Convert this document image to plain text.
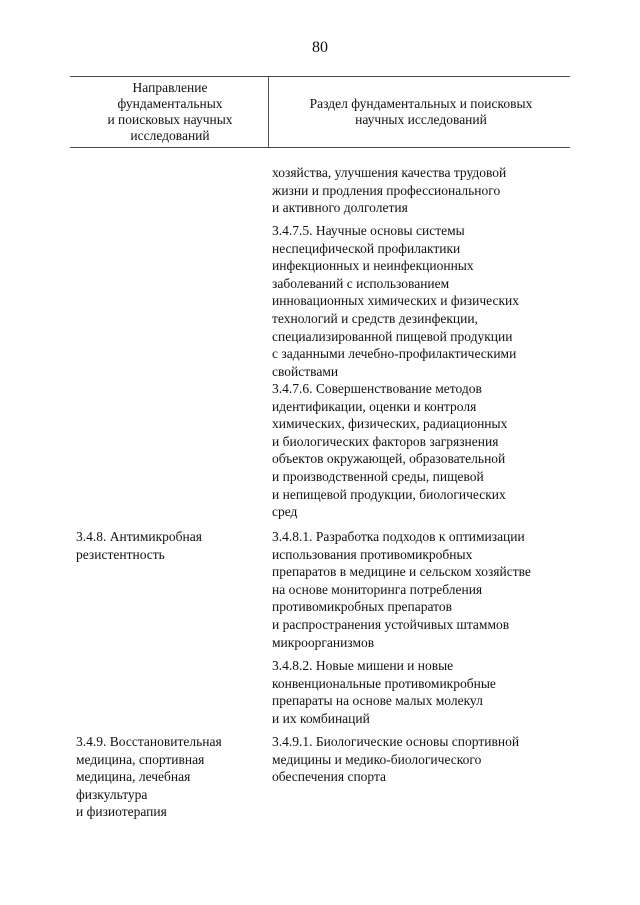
80
Направление
фундаментальных
и поисковых научных
исследований
Раздел фундаментальных и поисковых
научных исследований
хозяйства, улучшения качества трудовой
жизни и продления профессионального
и активного долголетия
3.4.7.5. Научные основы системы
неспецифической профилактики
инфекционных и неинфекционных
заболеваний с использованием
инновационных химических и физических
технологий и средств дезинфекции,
специализированной пищевой продукции
с заданными лечебно-профилактическими
свойствами
3.4.7.6. Совершенствование методов
идентификации, оценки и контроля
химических, физических, радиационных
и биологических факторов загрязнения
объектов окружающей, образовательной
и производственной среды, пищевой
и непищевой продукции, биологических
сред
3.4.8. Антимикробная
резистентность
3.4.8.1. Разработка подходов к оптимизации
использования противомикробных
препаратов в медицине и сельском хозяйстве
на основе мониторинга потребления
противомикробных препаратов
и распространения устойчивых штаммов
микроорганизмов
3.4.8.2. Новые мишени и новые
конвенциональные противомикробные
препараты на основе малых молекул
и их комбинаций
3.4.9. Восстановительная
медицина, спортивная
медицина, лечебная
физкультура
и физиотерапия
3.4.9.1. Биологические основы спортивной
медицины и медико-биологического
обеспечения спорта
